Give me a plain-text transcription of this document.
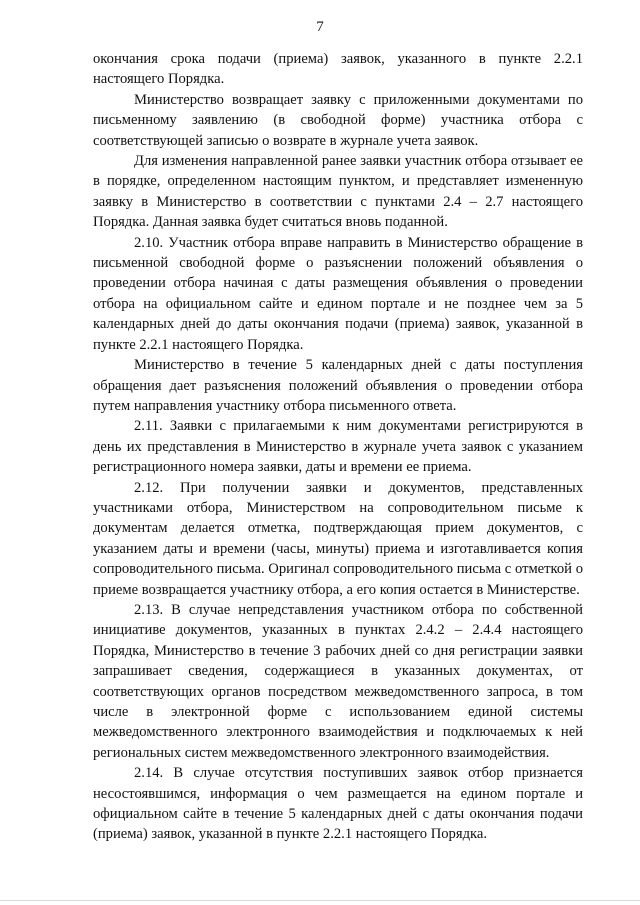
7

окончания срока подачи (приема) заявок, указанного в пункте 2.2.1 настоящего Порядка.

Министерство возвращает заявку с приложенными документами по письменному заявлению (в свободной форме) участника отбора с соответствующей записью о возврате в журнале учета заявок.

Для изменения направленной ранее заявки участник отбора отзывает ее в порядке, определенном настоящим пунктом, и представляет измененную заявку в Министерство в соответствии с пунктами 2.4 – 2.7 настоящего Порядка. Данная заявка будет считаться вновь поданной.

2.10. Участник отбора вправе направить в Министерство обращение в письменной свободной форме о разъяснении положений объявления о проведении отбора начиная с даты размещения объявления о проведении отбора на официальном сайте и едином портале и не позднее чем за 5 календарных дней до даты окончания подачи (приема) заявок, указанной в пункте 2.2.1 настоящего Порядка.

Министерство в течение 5 календарных дней с даты поступления обращения дает разъяснения положений объявления о проведении отбора путем направления участнику отбора письменного ответа.

2.11. Заявки с прилагаемыми к ним документами регистрируются в день их представления в Министерство в журнале учета заявок с указанием регистрационного номера заявки, даты и времени ее приема.

2.12. При получении заявки и документов, представленных участниками отбора, Министерством на сопроводительном письме к документам делается отметка, подтверждающая прием документов, с указанием даты и времени (часы, минуты) приема и изготавливается копия сопроводительного письма. Оригинал сопроводительного письма с отметкой о приеме возвращается участнику отбора, а его копия остается в Министерстве.

2.13. В случае непредставления участником отбора по собственной инициативе документов, указанных в пунктах 2.4.2 – 2.4.4 настоящего Порядка, Министерство в течение 3 рабочих дней со дня регистрации заявки запрашивает сведения, содержащиеся в указанных документах, от соответствующих органов посредством межведомственного запроса, в том числе в электронной форме с использованием единой системы межведомственного электронного взаимодействия и подключаемых к ней региональных систем межведомственного электронного взаимодействия.

2.14. В случае отсутствия поступивших заявок отбор признается несостоявшимся, информация о чем размещается на едином портале и официальном сайте в течение 5 календарных дней с даты окончания подачи (приема) заявок, указанной в пункте 2.2.1 настоящего Порядка.
